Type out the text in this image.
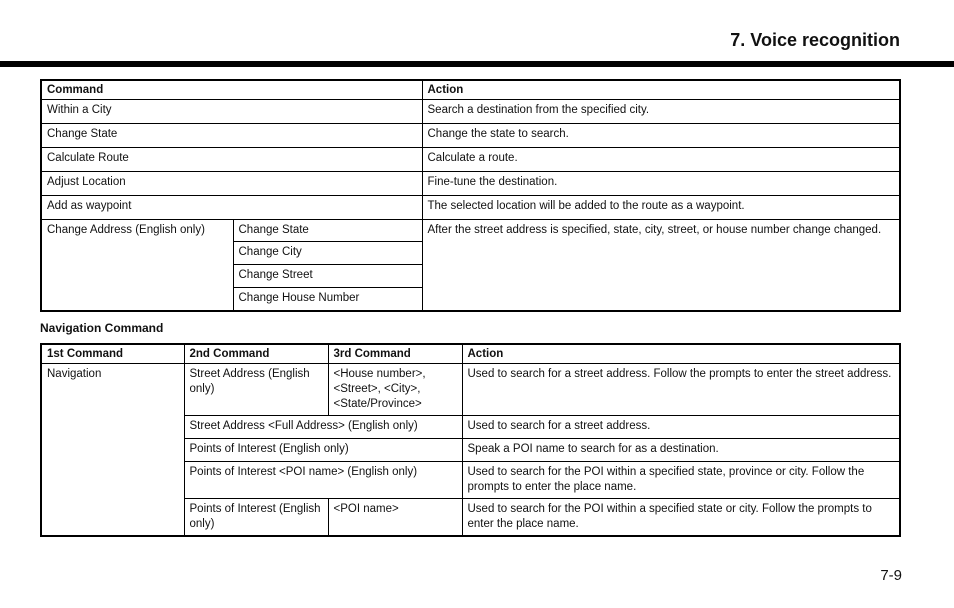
7. Voice recognition
Command		Action
Within a City		Search a destination from the specified city.
Change State		Change the state to search.
Calculate Route		Calculate a route.
Adjust Location		Fine-tune the destination.
Add as waypoint		The selected location will be added to the route as a waypoint.
Change Address (English only)	Change State	After the street address is specified, state, city, street, or house number change changed.
	Change City	
	Change Street	
	Change House Number	
Navigation Command
1st Command	2nd Command	3rd Command	Action
Navigation	Street Address (English only)	<House number>, <Street>, <City>, <State/Province>	Used to search for a street address. Follow the prompts to enter the street address.
	Street Address <Full Address> (English only)		Used to search for a street address.
	Points of Interest (English only)		Speak a POI name to search for as a destination.
	Points of Interest <POI name> (English only)		Used to search for the POI within a specified state, province or city. Follow the prompts to enter the place name.
	Points of Interest (English only)	<POI name>	Used to search for the POI within a specified state or city. Follow the prompts to enter the place name.
7-9
